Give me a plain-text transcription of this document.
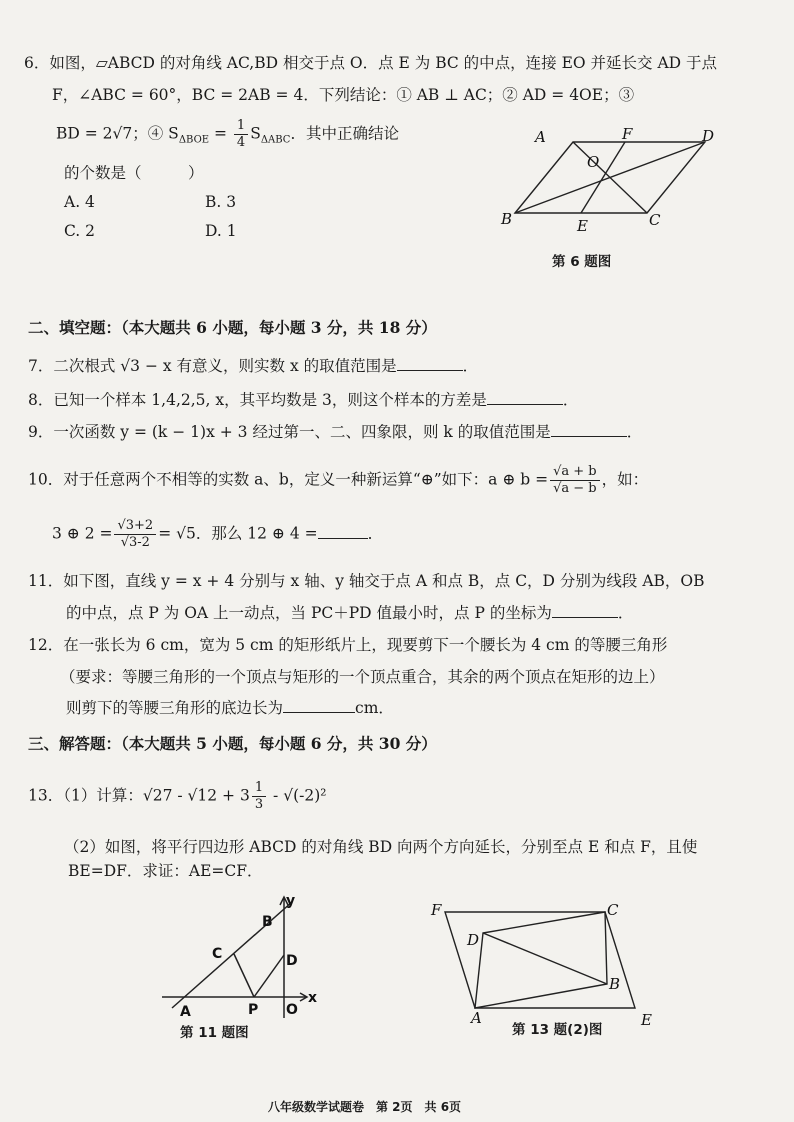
6．如图，▱ABCD 的对角线 AC,BD 相交于点 O．点 E 为 BC 的中点，连接 EO 并延长交 AD 于点
F，∠ABC = 60°，BC = 2AB = 4．下列结论：① AB ⊥ AC；② AD = 4OE；③
BD = 2√7；④ $S_{\Delta BOE} = \frac{1}{4} S_{\Delta ABC}$．其中正确结论
的个数是（　　　）
A. 4	B. 3
C. 2	D. 1
A	F	D
O
B	E	C
第 6 题图
二、填空题：（本大题共 6 小题，每小题 3 分，共 18 分）
7．二次根式 √3 − x 有意义，则实数 x 的取值范围是	．
8．已知一个样本 1,4,2,5, x，其平均数是 3，则这个样本的方差是	．
9．一次函数 y = (k − 1)x + 3 经过第一、二、四象限，则 k 的取值范围是	．
10．对于任意两个不相等的实数 a、b，定义一种新运算“⊕”如下：a ⊕ $b = \frac{√a + b}{√a - b}$ ，如：
3 ⊕ $2 = \frac{√3+2}{√3-2} = √5$．那么 12 ⊕ 4 =	．
11．如下图，直线 y = x + 4 分别与 x 轴、y 轴交于点 A 和点 B，点 C，D 分别为线段 AB，OB
的中点，点 P 为 OA 上一动点，当 PC＋PD 值最小时，点 P 的坐标为	．
12．在一张长为 6 cm，宽为 5 cm 的矩形纸片上，现要剪下一个腰长为 4 cm 的等腰三角形
（要求：等腰三角形的一个顶点与矩形的一个顶点重合，其余的两个顶点在矩形的边上）
则剪下的等腰三角形的底边长为	cm．
三、解答题：（本大题共 5 小题，每小题 6 分，共 30 分）
13．（1）计算：$√27 - √12 + 3 \frac{1}{3} - √(-2)^2$
（2）如图，将平行四边形 ABCD 的对角线 BD 向两个方向延长，分别至点 E 和点 F，且使
BE=DF．求证：AE=CF．
y
B
C	D
A	P O
x
第 11 题图
F	C
D
B
A	E
第 13 题(2)图
八年级数学试题卷　第 2页　共 6页
